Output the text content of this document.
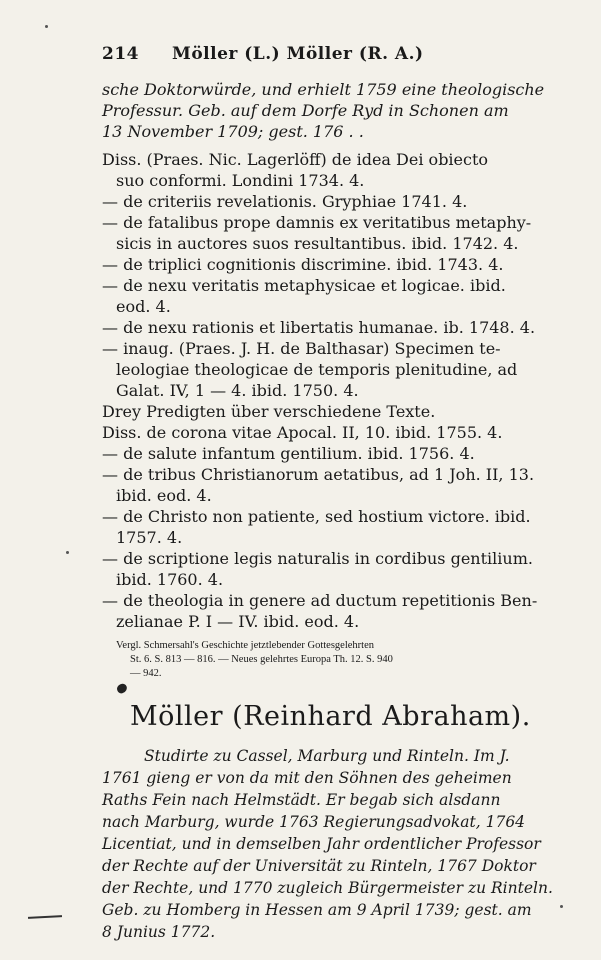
214 Möller (L.) Möller (R. A.)
sche Doktorwürde, und erhielt 1759 eine theologische
Professur. Geb. auf dem Dorfe Ryd in Schonen am
13 November 1709; gest. 176 . .
Diss. (Praes. Nic. Lagerlöff) de idea Dei obiecto
suo conformi. Londini 1734. 4.
— de criteriis revelationis. Gryphiae 1741. 4.
— de fatalibus prope damnis ex veritatibus metaphy-
sicis in auctores suos resultantibus. ibid. 1742. 4.
— de triplici cognitionis discrimine. ibid. 1743. 4.
— de nexu veritatis metaphysicae et logicae. ibid.
eod. 4.
— de nexu rationis et libertatis humanae. ib. 1748. 4.
— inaug. (Praes. J. H. de Balthasar) Specimen te-
leologiae theologicae de temporis plenitudine, ad
Galat. IV, 1 — 4. ibid. 1750. 4.
Drey Predigten über verschiedene Texte.
Diss. de corona vitae Apocal. II, 10. ibid. 1755. 4.
— de salute infantum gentilium. ibid. 1756. 4.
— de tribus Christianorum aetatibus, ad 1 Joh. II, 13.
ibid. eod. 4.
— de Christo non patiente, sed hostium victore. ibid.
1757. 4.
— de scriptione legis naturalis in cordibus gentilium.
ibid. 1760. 4.
— de theologia in genere ad ductum repetitionis Ben-
zelianae P. I — IV. ibid. eod. 4.
Vergl. Schmersahl's Geschichte jetztlebender Gottesgelehrten
St. 6. S. 813 — 816. — Neues gelehrtes Europa Th. 12. S. 940
— 942.
Möller (Reinhard Abraham).
Studirte zu Cassel, Marburg und Rinteln. Im J.
1761 gieng er von da mit den Söhnen des geheimen
Raths Fein nach Helmstädt. Er begab sich alsdann
nach Marburg, wurde 1763 Regierungsadvokat, 1764
Licentiat, und in demselben Jahr ordentlicher Professor
der Rechte auf der Universität zu Rinteln, 1767 Doktor
der Rechte, und 1770 zugleich Bürgermeister zu Rinteln.
Geb. zu Homberg in Hessen am 9 April 1739; gest. am
8 Junius 1772.
